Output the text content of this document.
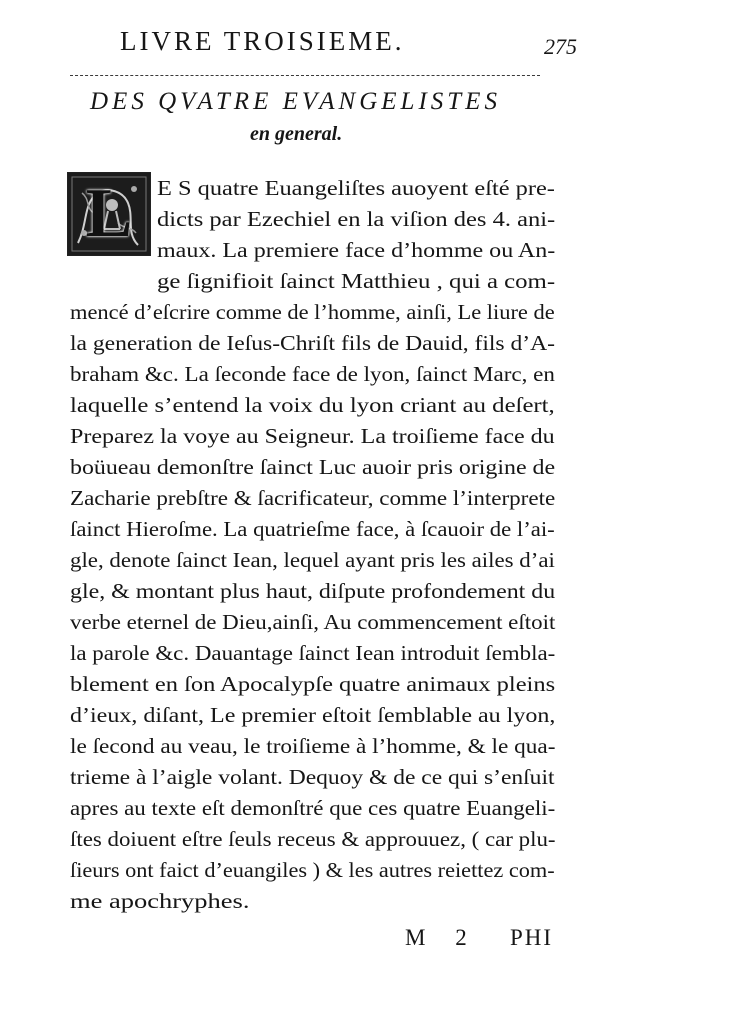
LIVRE TROISIEME.	275
DES QVATRE EVANGELISTES
en general.
L	E S quatre Euangeliſtes auoyent eſté pre-
dicts par Ezechiel en la viſion des 4. ani-
maux. La premiere face d’homme ou An-
ge ſignifioit ſainct Matthieu , qui a com-
mencé d’eſcrire comme de l’homme, ainſi, Le liure de
la generation de Ieſus-Chriſt fils de Dauid, fils d’A-
braham &c. La ſeconde face de lyon, ſainct Marc, en
laquelle s’entend la voix du lyon criant au deſert,
Preparez la voye au Seigneur. La troiſieme face du
boüueau demonſtre ſainct Luc auoir pris origine de
Zacharie prebſtre & ſacrificateur, comme l’interprete
ſainct Hieroſme. La quatrieſme face, à ſcauoir de l’ai-
gle, denote ſainct Iean, lequel ayant pris les ailes d’ai
gle, & montant plus haut, diſpute profondement du
verbe eternel de Dieu,ainſi, Au commencement eſtoit
la parole &c. Dauantage ſainct Iean introduit ſembla-
blement en ſon Apocalypſe quatre animaux pleins
d’ieux, diſant, Le premier eſtoit ſemblable au lyon,
le ſecond au veau, le troiſieme à l’homme, & le qua-
trieme à l’aigle volant. Dequoy & de ce qui s’enſuit
apres au texte eſt demonſtré que ces quatre Euangeli-
ſtes doiuent eſtre ſeuls receus & approuuez, ( car plu-
ſieurs ont faict d’euangiles ) & les autres reiettez com-
me apochryphes.
M 2 PHI
